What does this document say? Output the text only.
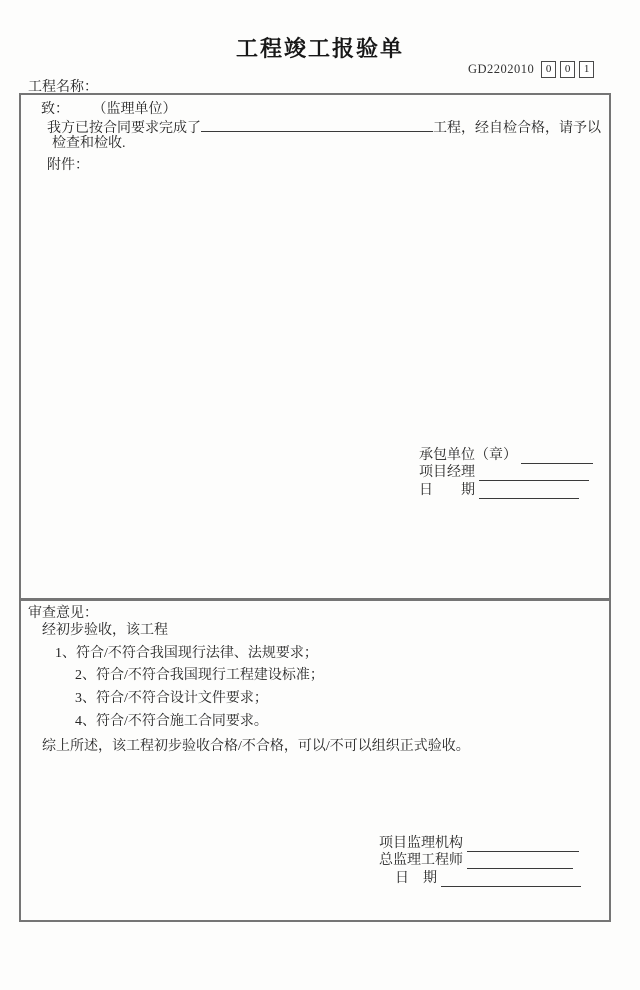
工程竣工报验单
GD2202010	0	0	1
工程名称：
致： （监理单位）
我方已按合同要求完成了	工程，经自检合格，请予以
检查和检收.
附件：
承包单位（章）
项目经理
日　　期
审查意见：
经初步验收，该工程
1、符合/不符合我国现行法律、法规要求；
2、符合/不符合我国现行工程建设标准；
3、符合/不符合设计文件要求；
4、符合/不符合施工合同要求。
综上所述，该工程初步验收合格/不合格，可以/不可以组织正式验收。
项目监理机构
总监理工程师
日　期
